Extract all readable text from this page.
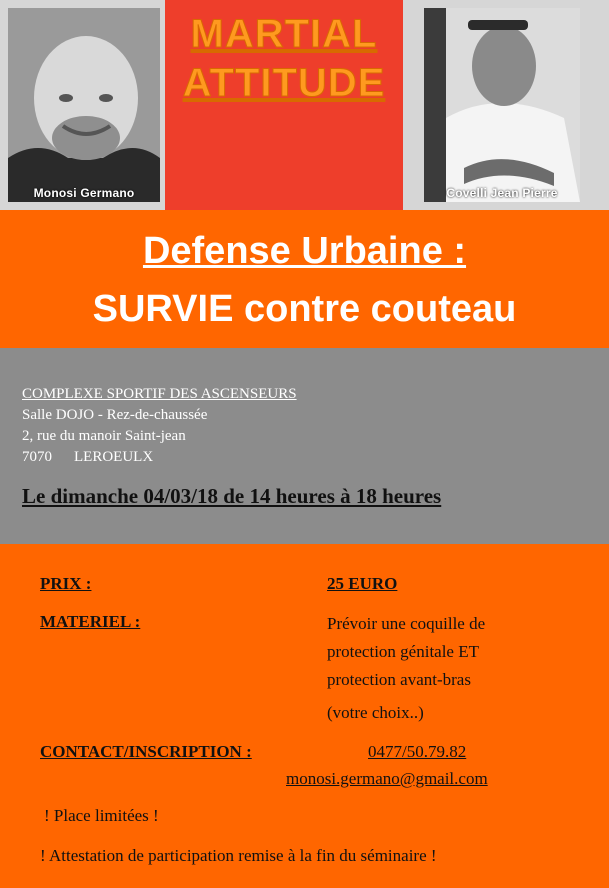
Monosi Germano
MARTIAL
ATTITUDE
Covelli Jean Pierre
Defense Urbaine :
SURVIE contre couteau
COMPLEXE SPORTIF DES ASCENSEURS
Salle DOJO - Rez-de-chaussée
2, rue du manoir Saint-jean
7070 LEROEULX
Le dimanche 04/03/18 de 14 heures à 18 heures
PRIX :	25 EURO
MATERIEL :	Prévoir une coquille de
protection génitale ET
protection avant-bras
(votre choix..)
CONTACT/INSCRIPTION :	0477/50.79.82
monosi.germano@gmail.com
! Place limitées !
! Attestation de participation remise à la fin du séminaire !
